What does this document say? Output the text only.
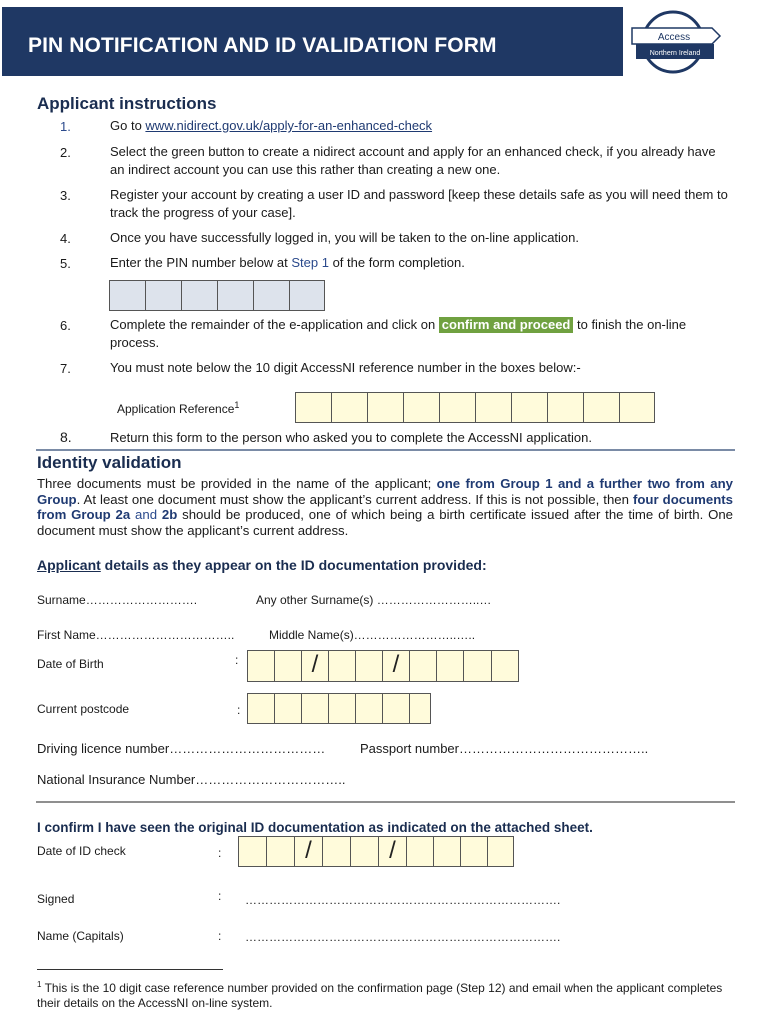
PIN NOTIFICATION AND ID VALIDATION FORM	Access
Northern Ireland
Applicant instructions
1.	Go to www.nidirect.gov.uk/apply-for-an-enhanced-check
2.	Select the green button to create a nidirect account and apply for an enhanced check, if you already have an indirect account you can use this rather than creating a new one.
3.	Register your account by creating a user ID and password [keep these details safe as you will need them to track the progress of your case].
4.	Once you have successfully logged in, you will be taken to the on-line application.
5.	Enter the PIN number below at Step 1 of the form completion.
6.	Complete the remainder of the e-application and click on confirm and proceed to finish the on-line process.
7.	You must note below the 10 digit AccessNI reference number in the boxes below:-
Application Reference$^1$
8.	Return this form to the person who asked you to complete the AccessNI application.
Identity validation
Three documents must be provided in the name of the applicant; one from Group 1 and a further two from any Group. At least one document must show the applicant’s current address. If this is not possible, then four documents from Group 2a and 2b should be produced, one of which being a birth certificate issued after the time of birth. One document must show the applicant’s current address.
Applicant details as they appear on the ID documentation provided:
Surname……………………….	Any other Surname(s) ……………………..…
First Name……………………………..	Middle Name(s)……………………..…..
Date of Birth	:	/	/
Current postcode	:
Driving licence number………………………………	Passport number……………………………………..
National Insurance Number……………………………..
I confirm I have seen the original ID documentation as indicated on the attached sheet.
Date of ID check	:	/	/
Signed	: …………………………………………………………………….
Name (Capitals)	: …………………………………………………………………….
$^1$ This is the 10 digit case reference number provided on the confirmation page (Step 12) and email when the applicant completes their details on the AccessNI on-line system.
